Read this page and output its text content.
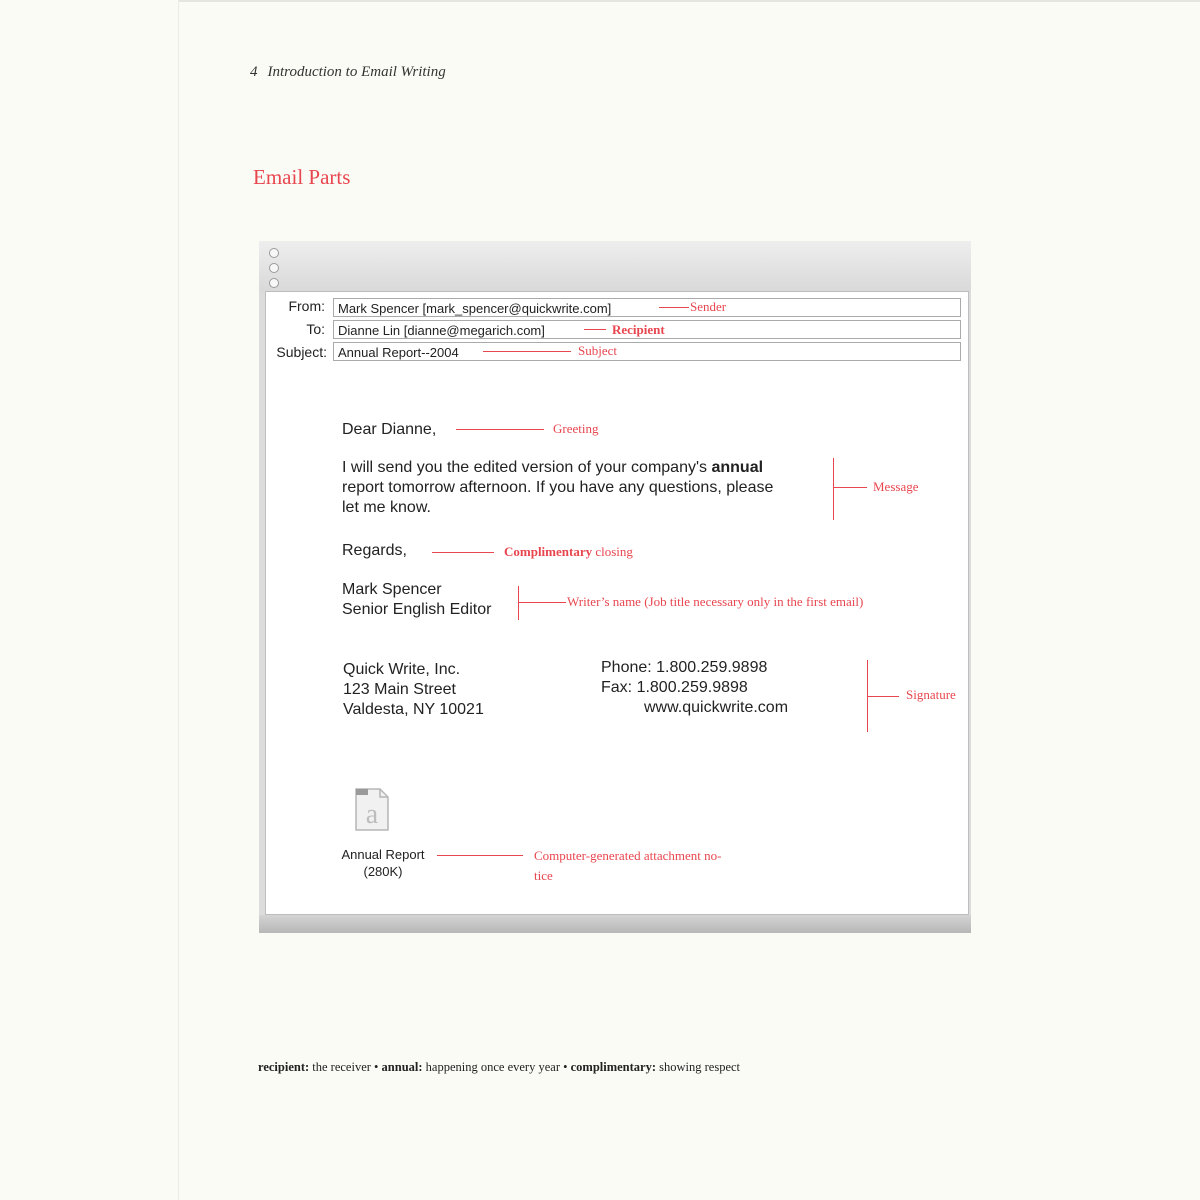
4 Introduction to Email Writing
Email Parts
From:	Mark Spencer [mark_spencer@quickwrite.com]
To:	Dianne Lin [dianne@megarich.com]
Subject: Annual Report--2004
Sender
Recipient
Subject
Dear Dianne,	Greeting
I will send you the edited version of your company's annual
report tomorrow afternoon. If you have any questions, please
let me know.
Message
Regards,	Complimentary closing
Mark Spencer
Senior English Editor	Writer’s name (Job title necessary only in the first email)
Quick Write, Inc.
123 Main Street
Valdesta, NY 10021
Phone: 1.800.259.9898
Fax: 1.800.259.9898
www.quickwrite.com
Signature
a
Annual Report
(280K)
Computer-generated attachment no-
tice
recipient: the receiver • annual: happening once every year • complimentary: showing respect
